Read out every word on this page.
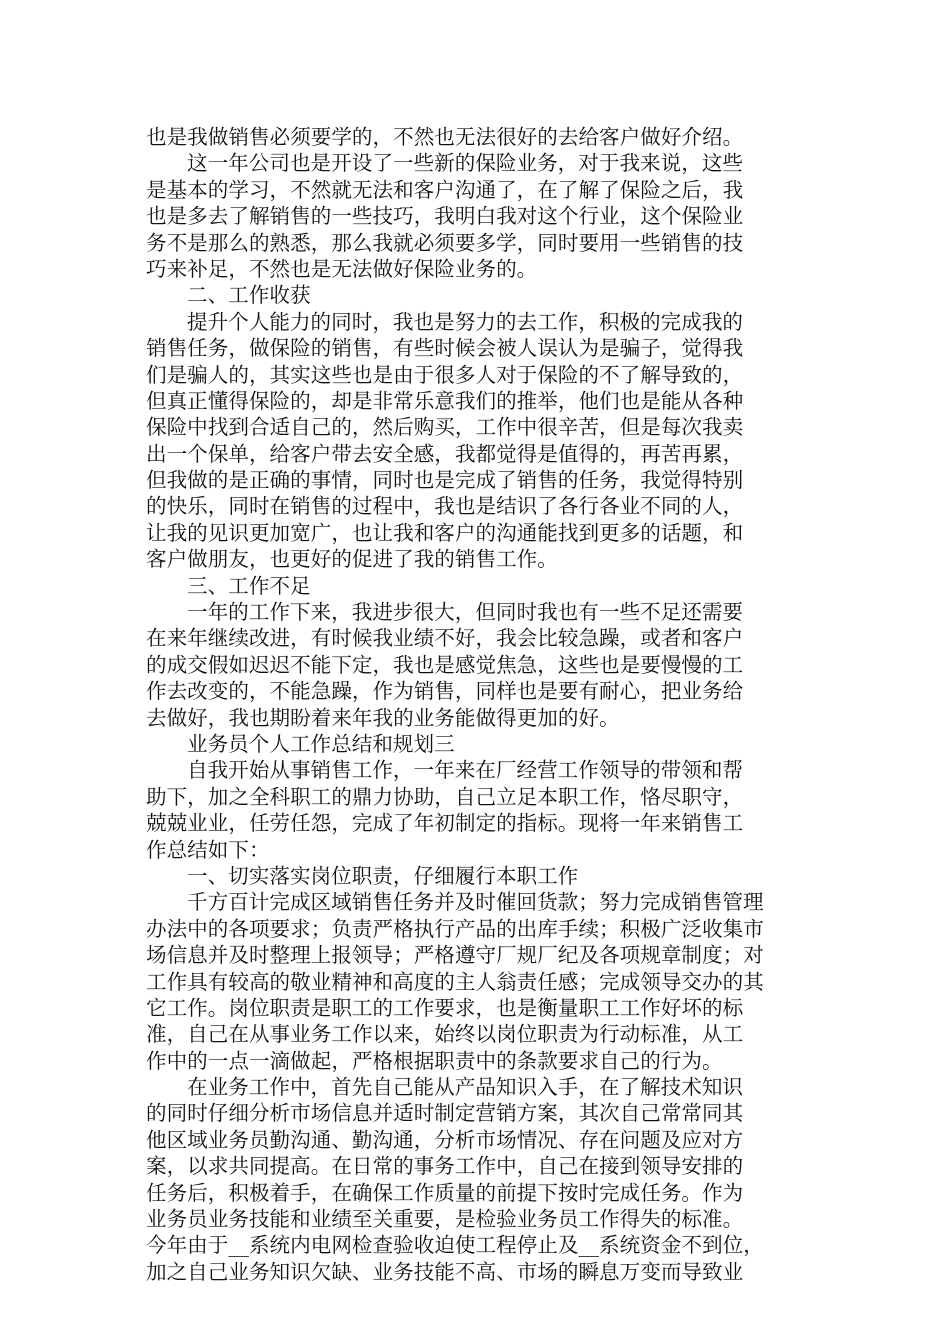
也是我做销售必须要学的，不然也无法很好的去给客户做好介绍。
这一年公司也是开设了一些新的保险业务，对于我来说，这些
是基本的学习，不然就无法和客户沟通了，在了解了保险之后，我
也是多去了解销售的一些技巧，我明白我对这个行业，这个保险业
务不是那么的熟悉，那么我就必须要多学，同时要用一些销售的技
巧来补足，不然也是无法做好保险业务的。
二、工作收获
提升个人能力的同时，我也是努力的去工作，积极的完成我的
销售任务，做保险的销售，有些时候会被人误认为是骗子，觉得我
们是骗人的，其实这些也是由于很多人对于保险的不了解导致的，
但真正懂得保险的，却是非常乐意我们的推举，他们也是能从各种
保险中找到合适自己的，然后购买，工作中很辛苦，但是每次我卖
出一个保单，给客户带去安全感，我都觉得是值得的，再苦再累，
但我做的是正确的事情，同时也是完成了销售的任务，我觉得特别
的快乐，同时在销售的过程中，我也是结识了各行各业不同的人，
让我的见识更加宽广，也让我和客户的沟通能找到更多的话题，和
客户做朋友，也更好的促进了我的销售工作。
三、工作不足
一年的工作下来，我进步很大，但同时我也有一些不足还需要
在来年继续改进，有时候我业绩不好，我会比较急躁，或者和客户
的成交假如迟迟不能下定，我也是感觉焦急，这些也是要慢慢的工
作去改变的，不能急躁，作为销售，同样也是要有耐心，把业务给
去做好，我也期盼着来年我的业务能做得更加的好。
业务员个人工作总结和规划三
自我开始从事销售工作，一年来在厂经营工作领导的带领和帮
助下，加之全科职工的鼎力协助，自己立足本职工作，恪尽职守，
兢兢业业，任劳任怨，完成了年初制定的指标。现将一年来销售工
作总结如下：
一、切实落实岗位职责，仔细履行本职工作
千方百计完成区域销售任务并及时催回货款；努力完成销售管理
办法中的各项要求；负责严格执行产品的出库手续；积极广泛收集市
场信息并及时整理上报领导；严格遵守厂规厂纪及各项规章制度；对
工作具有较高的敬业精神和高度的主人翁责任感；完成领导交办的其
它工作。岗位职责是职工的工作要求，也是衡量职工工作好坏的标
准，自己在从事业务工作以来，始终以岗位职责为行动标准，从工
作中的一点一滴做起，严格根据职责中的条款要求自己的行为。
在业务工作中，首先自己能从产品知识入手，在了解技术知识
的同时仔细分析市场信息并适时制定营销方案，其次自己常常同其
他区域业务员勤沟通、勤沟通，分析市场情况、存在问题及应对方
案，以求共同提高。在日常的事务工作中，自己在接到领导安排的
任务后，积极着手，在确保工作质量的前提下按时完成任务。作为
业务员业务技能和业绩至关重要，是检验业务员工作得失的标准。
今年由于__系统内电网检查验收迫使工程停止及__系统资金不到位，
加之自己业务知识欠缺、业务技能不高、市场的瞬息万变而导致业
